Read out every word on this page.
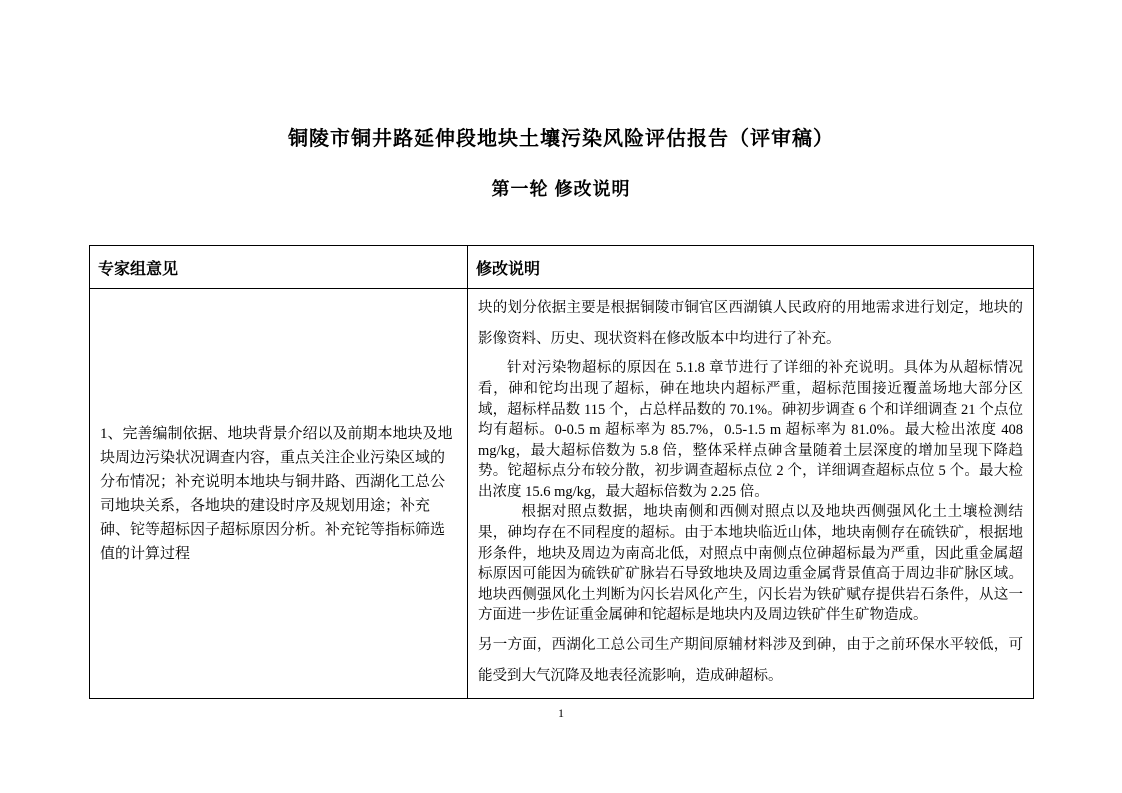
铜陵市铜井路延伸段地块土壤污染风险评估报告（评审稿）
第一轮 修改说明
专家组意见	修改说明
1、完善编制依据、地块背景介绍以及前期本地块及地块周边污染状况调查内容，重点关注企业污染区域的分布情况；补充说明本地块与铜井路、西湖化工总公司地块关系，各地块的建设时序及规划用途；补充砷、铊等超标因子超标原因分析。补充铊等指标筛选值的计算过程	块的划分依据主要是根据铜陵市铜官区西湖镇人民政府的用地需求进行划定，地块的影像资料、历史、现状资料在修改版本中均进行了补充。

针对污染物超标的原因在 5.1.8 章节进行了详细的补充说明。具体为从超标情况看，砷和铊均出现了超标，砷在地块内超标严重，超标范围接近覆盖场地大部分区域，超标样品数 115 个，占总样品数的 70.1%。砷初步调查 6 个和详细调查 21 个点位均有超标。0-0.5 m 超标率为 85.7%，0.5-1.5 m 超标率为 81.0%。最大检出浓度 408 mg/kg，最大超标倍数为 5.8 倍，整体采样点砷含量随着土层深度的增加呈现下降趋势。铊超标点分布较分散，初步调查超标点位 2 个，详细调查超标点位 5 个。最大检出浓度 15.6 mg/kg，最大超标倍数为 2.25 倍。

根据对照点数据，地块南侧和西侧对照点以及地块西侧强风化土土壤检测结果，砷均存在不同程度的超标。由于本地块临近山体，地块南侧存在硫铁矿，根据地形条件，地块及周边为南高北低，对照点中南侧点位砷超标最为严重，因此重金属超标原因可能因为硫铁矿矿脉岩石导致地块及周边重金属背景值高于周边非矿脉区域。地块西侧强风化土判断为闪长岩风化产生，闪长岩为铁矿赋存提供岩石条件，从这一方面进一步佐证重金属砷和铊超标是地块内及周边铁矿伴生矿物造成。

另一方面，西湖化工总公司生产期间原辅材料涉及到砷，由于之前环保水平较低，可能受到大气沉降及地表径流影响，造成砷超标。

1
